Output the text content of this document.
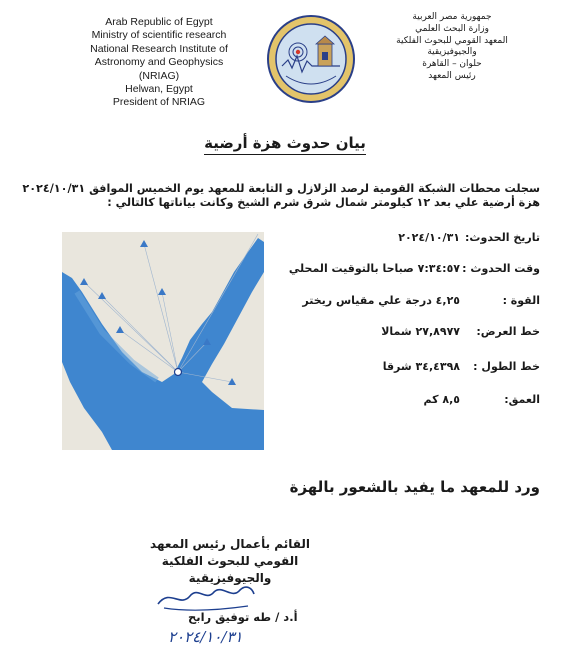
Arab Republic of Egypt
Ministry of scientific research
National Research Institute of
Astronomy and Geophysics
(NRIAG)
Helwan, Egypt
President of NRIAG
جمهورية مصر العربية
وزارة البحث العلمي
المعهد القومي للبحوث الفلكية
والجيوفيزيقية
حلوان – القاهرة
رئيس المعهد
بيان حدوث هزة أرضية
سجلت محطات الشبكة القومية لرصد الزلازل و التابعة للمعهد يوم الخميس الموافق ٢٠٢٤/١٠/٣١
هزة أرضية علي بعد ١٢ كيلومتر شمال شرق شرم الشيخ وكانت بياناتها كالتالي :
تاريخ الحدوث:
٢٠٢٤/١٠/٣١
وقت الحدوث :
٧:٣٤:٥٧ صباحا بالتوقيت المحلي
القوة :
٤,٢٥ درجة علي مقياس ريختر
خط العرض:
٢٧,٨٩٧٧ شمالا
خط الطول :
٣٤,٤٣٩٨ شرقا
العمق:
٨,٥ كم
ورد للمعهد ما يفيد بالشعور بالهزة
القائم بأعمال رئيس المعهد
القومي للبحوث الفلكية والجيوفيزيقية
أ.د / طه توفيق رابح
٢٠٢٤/١٠/٣١
